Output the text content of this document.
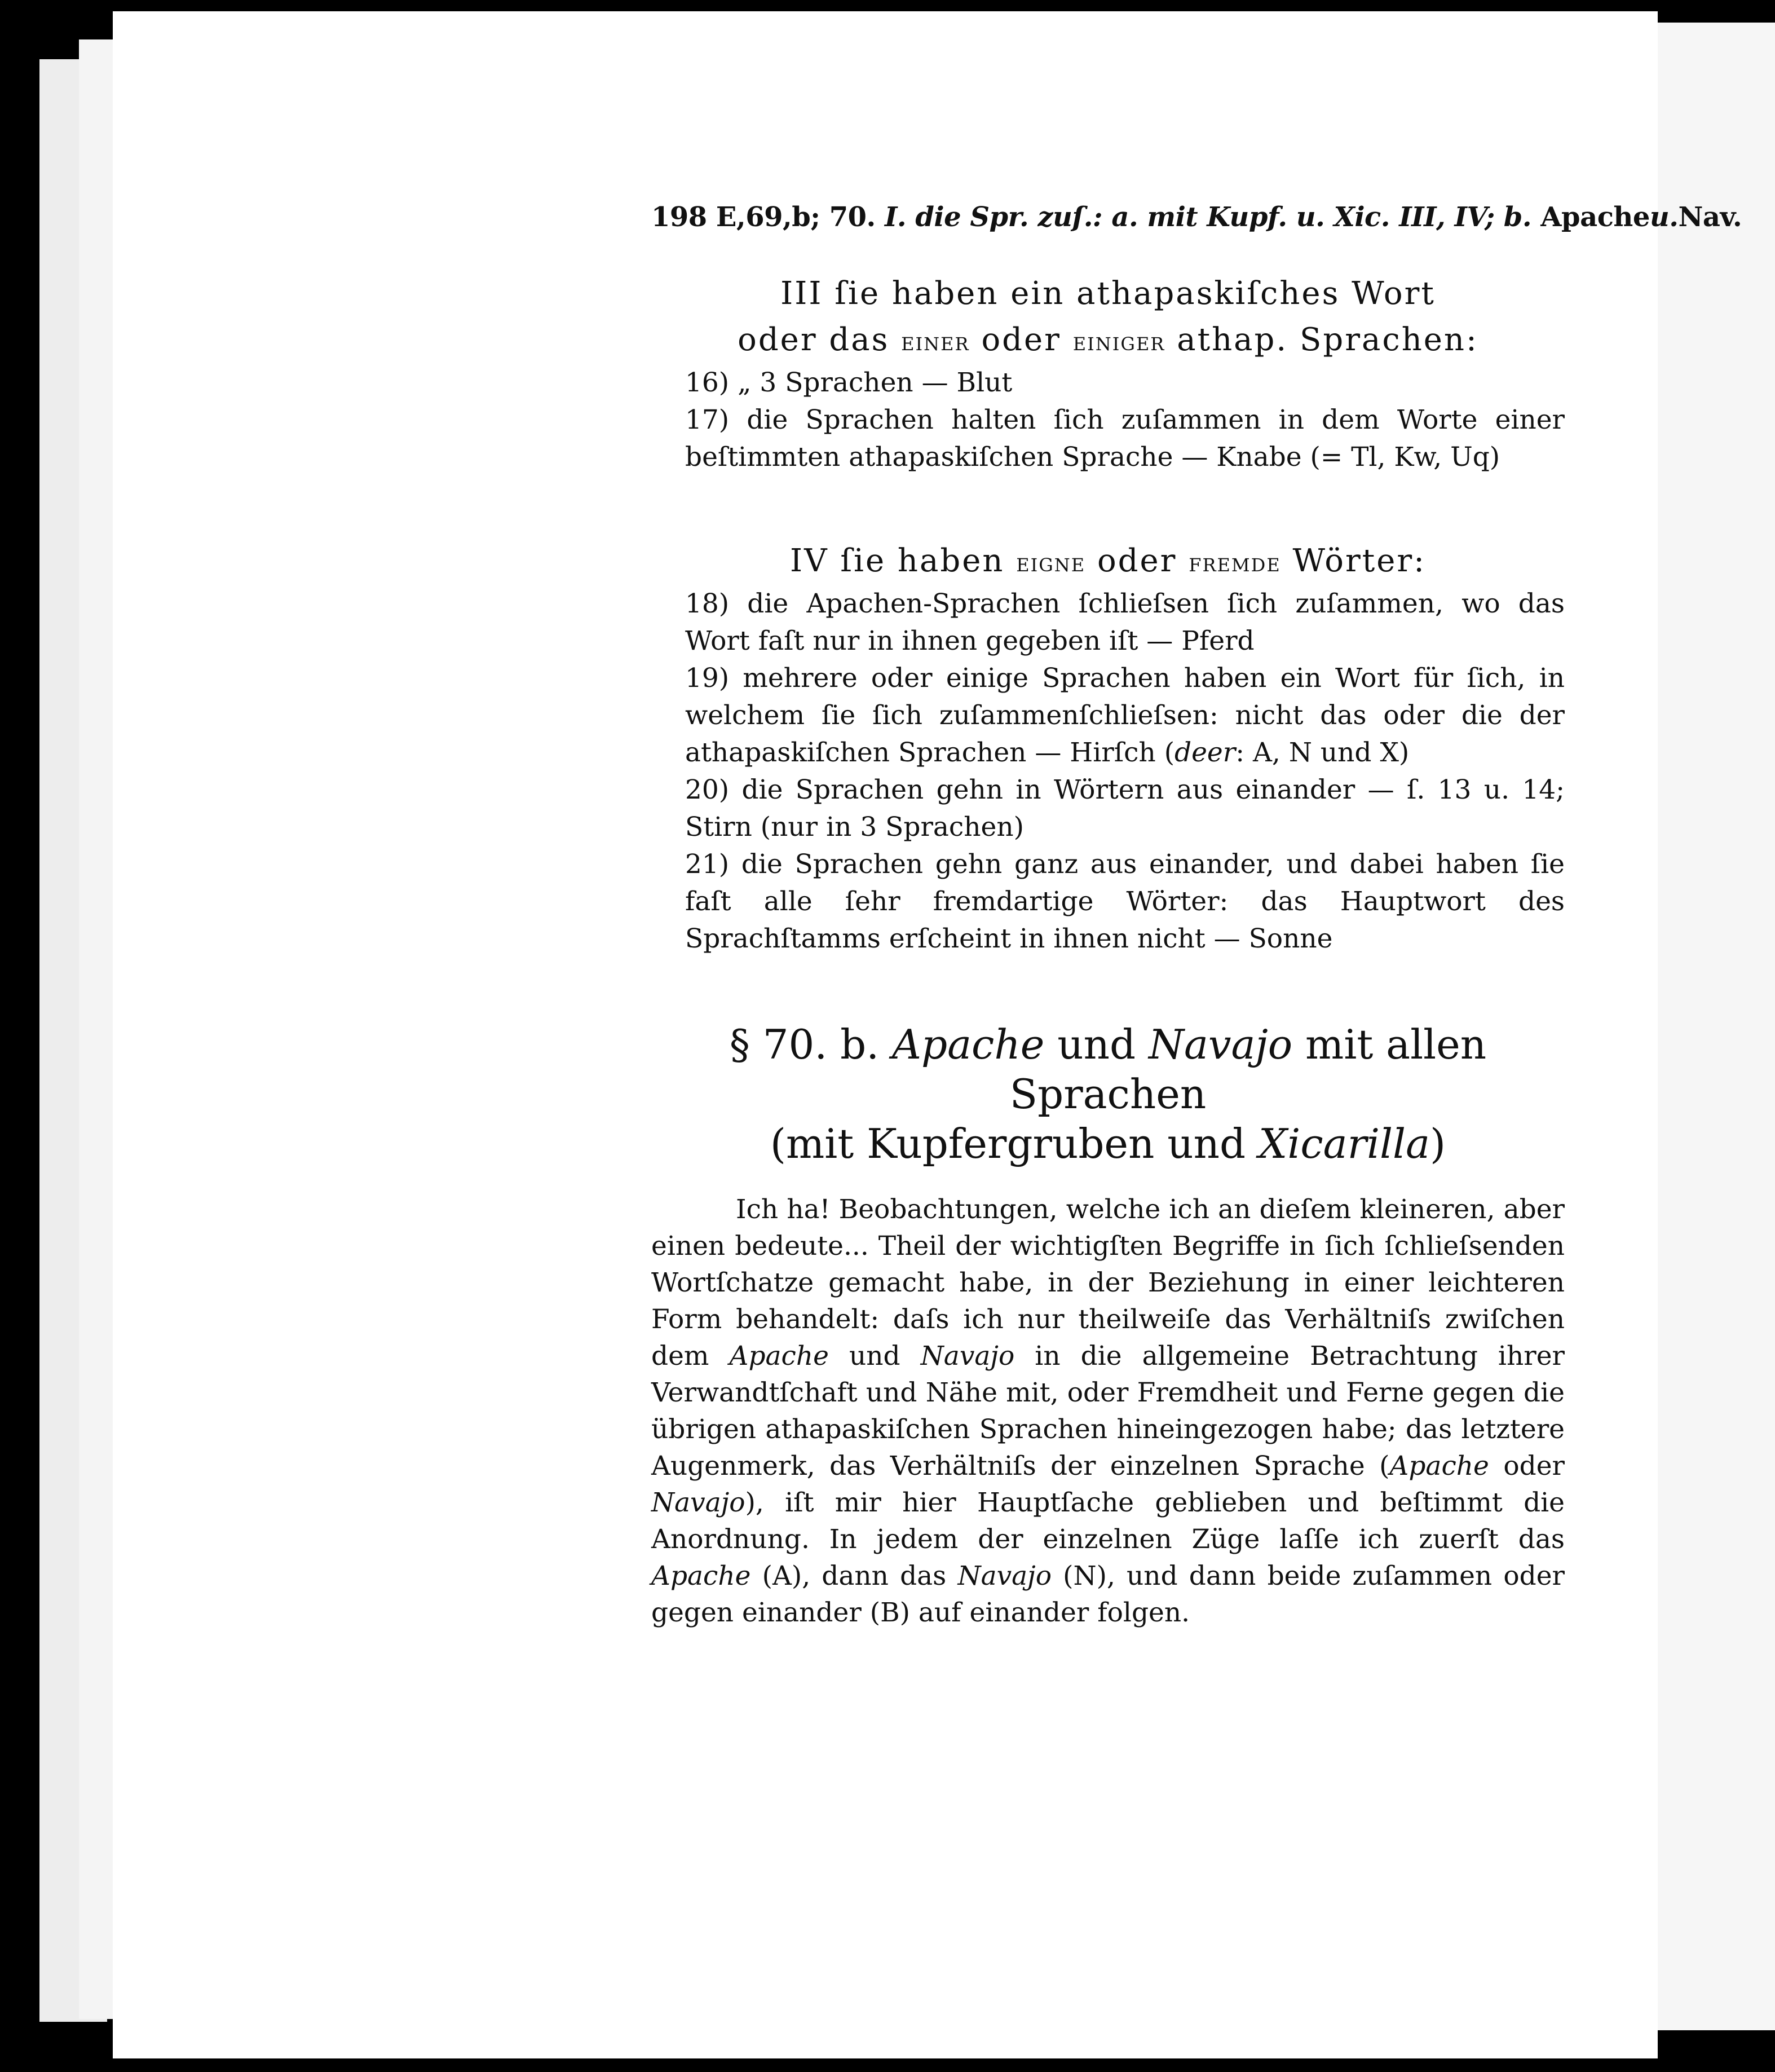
198 E,69,b; 70. I. die Spr. zuſ.: a. mit Kupf. u. Xic. III, IV; b. Apacheu.Nav.
III ſie haben ein athapaskiſches Wort
oder das einer oder einiger athap. Sprachen:
16) „ 3 Sprachen — Blut
17) die Sprachen halten ſich zuſammen in dem Worte einer beſtimmten athapaskiſchen Sprache — Knabe (= Tl, Kw, Uq)
IV ſie haben eigne oder fremde Wörter:
18) die Apachen-Sprachen ſchlieſsen ſich zuſammen, wo das Wort faſt nur in ihnen gegeben iſt — Pferd
19) mehrere oder einige Sprachen haben ein Wort für ſich, in welchem ſie ſich zuſammenſchlieſsen: nicht das oder die der athapaskiſchen Sprachen — Hirſch (deer: A, N und X)
20) die Sprachen gehn in Wörtern aus einander — ſ. 13 u. 14; Stirn (nur in 3 Sprachen)
21) die Sprachen gehn ganz aus einander, und dabei haben ſie faſt alle ſehr fremdartige Wörter: das Hauptwort des Sprachſtamms erſcheint in ihnen nicht — Sonne
§ 70. b. Apache und Navajo mit allen Sprachen
(mit Kupfergruben und Xicarilla)
Ich ha! Beobachtungen, welche ich an dieſem kleineren, aber einen bedeute... Theil der wichtigſten Begriffe in ſich ſchlieſsenden Wortſchatze gemacht habe, in der Beziehung in einer leichteren Form behandelt: daſs ich nur theilweiſe das Verhältniſs zwiſchen dem Apache und Navajo in die allgemeine Betrachtung ihrer Verwandtſchaft und Nähe mit, oder Fremdheit und Ferne gegen die übrigen athapaskiſchen Sprachen hineingezogen habe; das letztere Augenmerk, das Verhältniſs der einzelnen Sprache (Apache oder Navajo), iſt mir hier Hauptſache geblieben und beſtimmt die Anordnung. In jedem der einzelnen Züge laſſe ich zuerſt das Apache (A), dann das Navajo (N), und dann beide zuſammen oder gegen einander (B) auf einander folgen.
